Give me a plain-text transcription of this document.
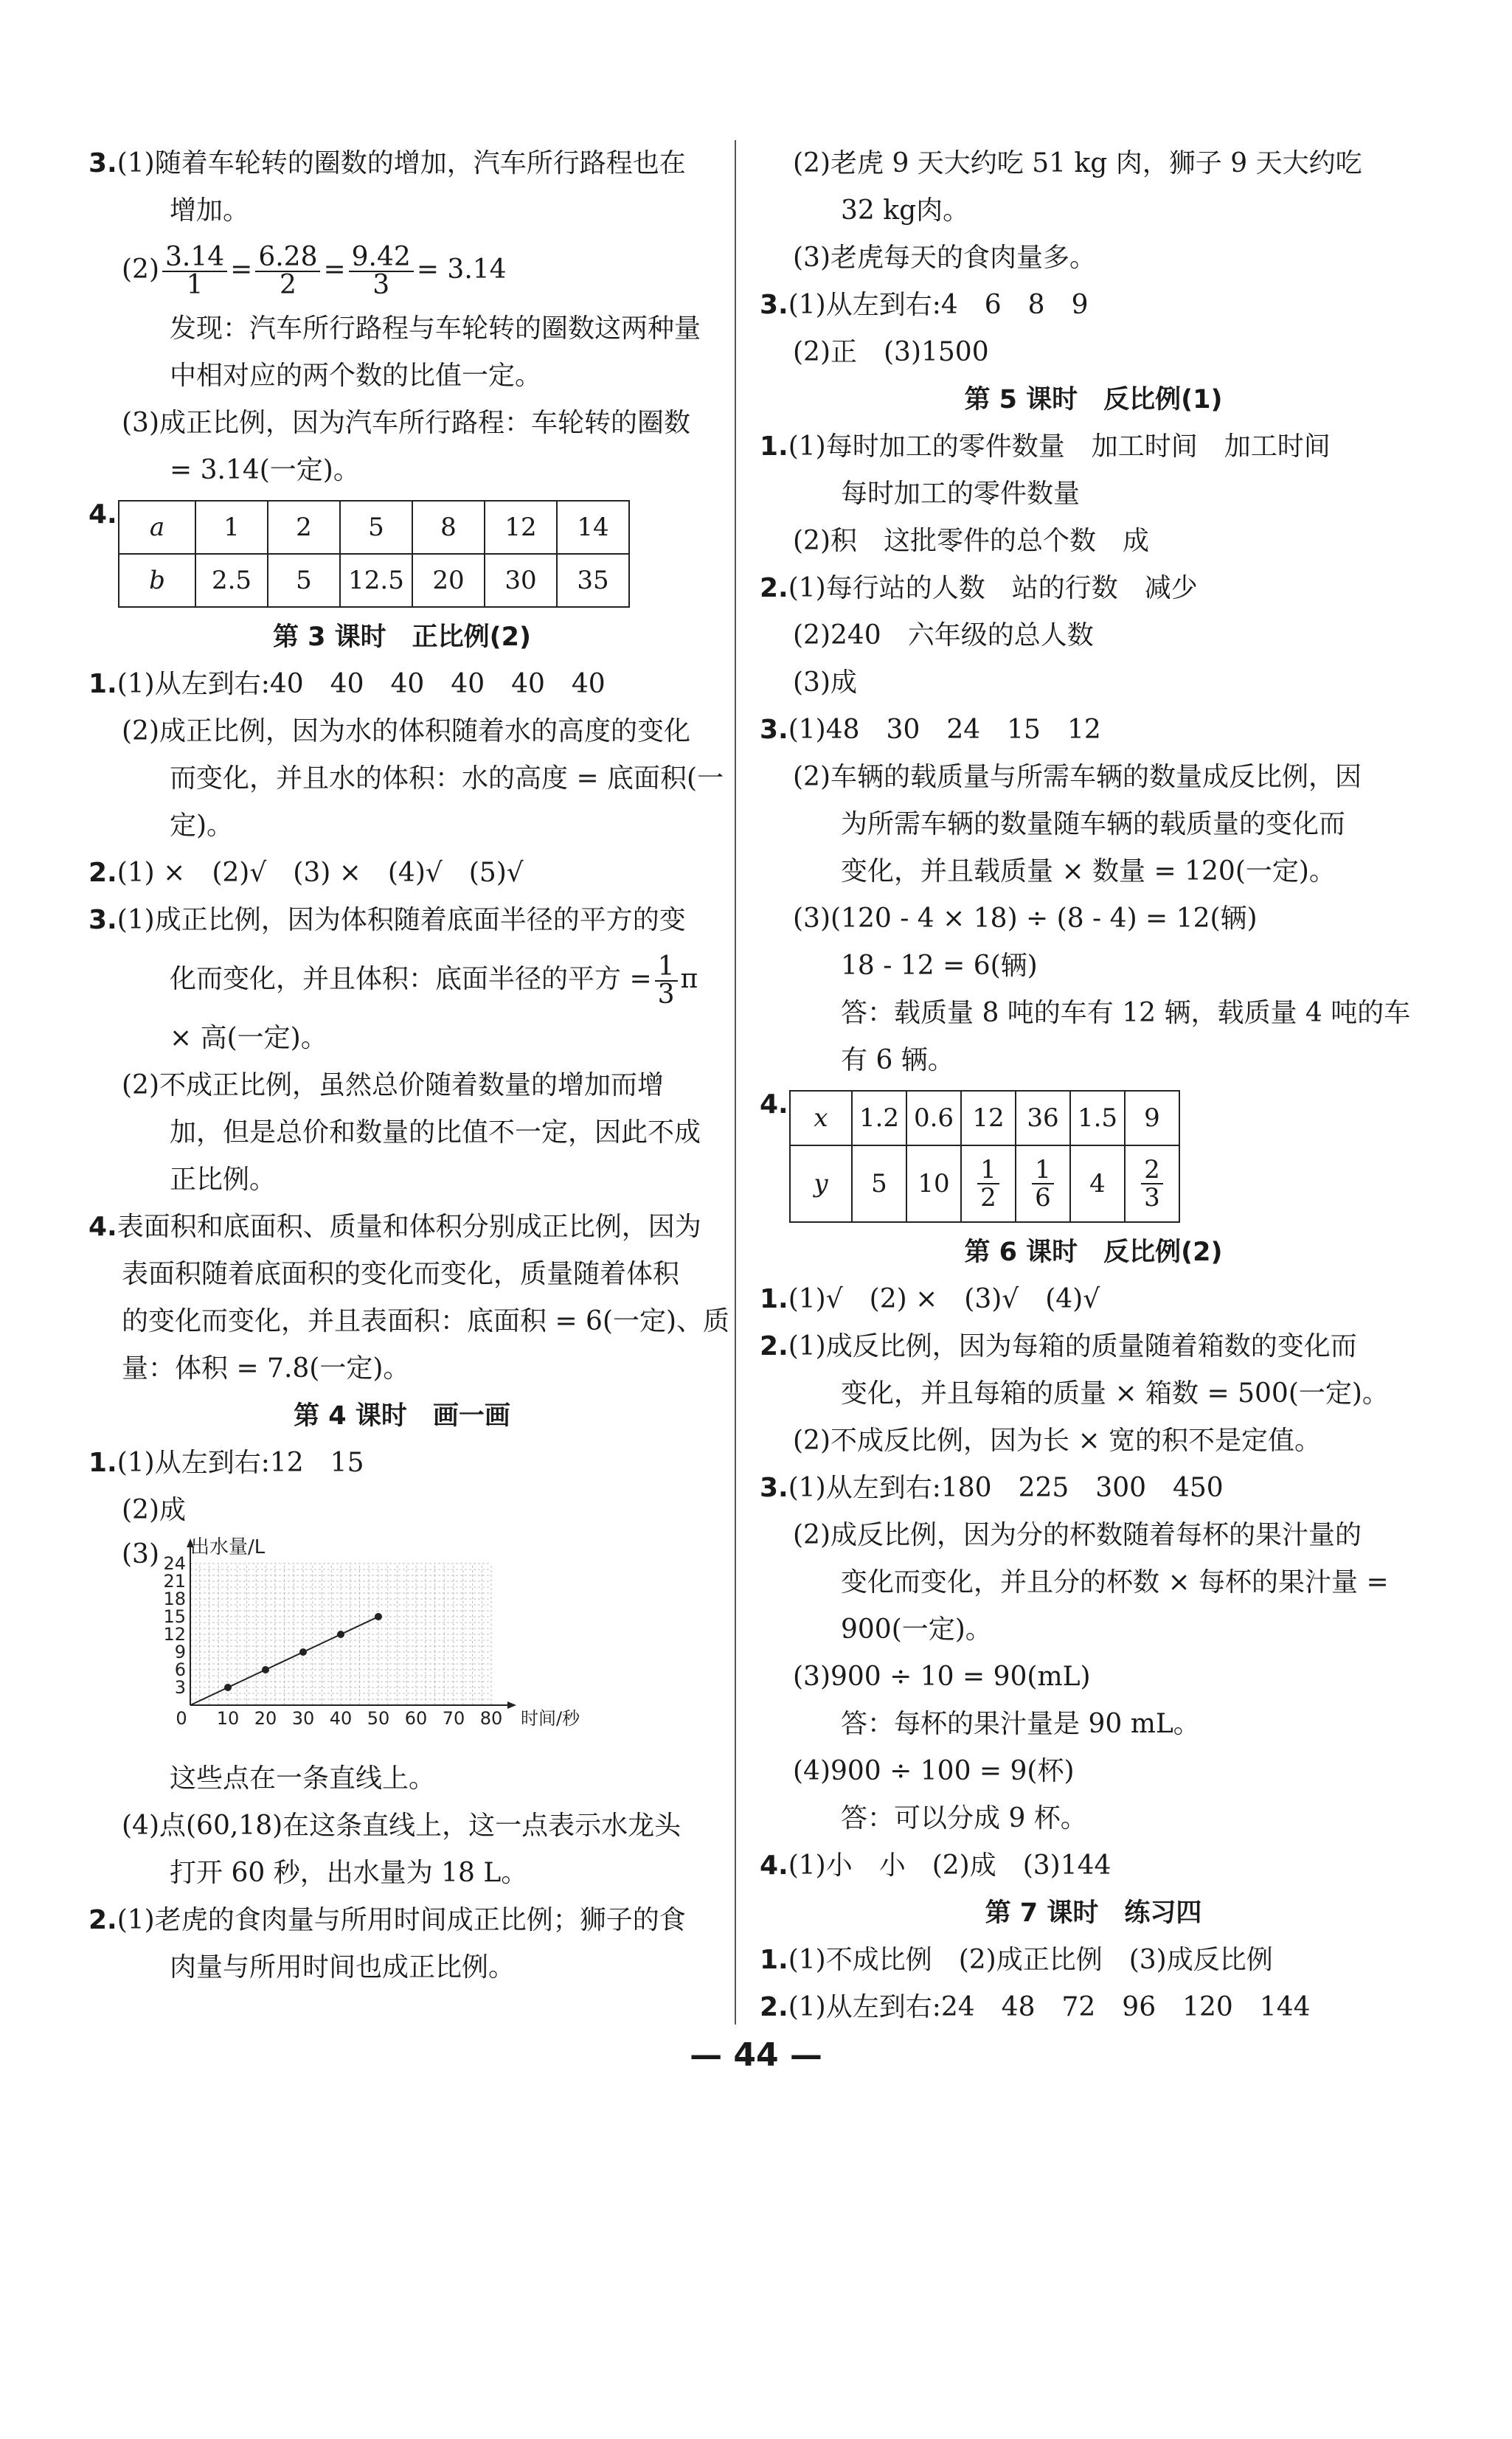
3.(1)随着车轮转的圈数的增加，汽车所行路程也在

增加。

$(2) \frac{3.14}{1} = \frac{6.28}{2} = \frac{9.42}{3} = 3.14$

发现：汽车所行路程与车轮转的圈数这两种量

中相对应的两个数的比值一定。

(3)成正比例，因为汽车所行路程：车轮转的圈数

= 3.14(一定)。

4. a	1	2	5	8	12	14
b	2.5	5	12.5	20	30	35

第 3 课时　正比例(2)

1.(1)从左到右:40　40　40　40　40　40

(2)成正比例，因为水的体积随着水的高度的变化

而变化，并且水的体积：水的高度 = 底面积(一

定)。

2.(1) ×　(2)√　(3) ×　(4)√　(5)√

3.(1)成正比例，因为体积随着底面半径的平方的变

化而变化，并且体积：底面半径的平方 = $\frac{1}{3}$ π

× 高(一定)。

(2)不成正比例，虽然总价随着数量的增加而增

加，但是总价和数量的比值不一定，因此不成

正比例。

4.表面积和底面积、质量和体积分别成正比例，因为

表面积随着底面积的变化而变化，质量随着体积

的变化而变化，并且表面积：底面积 = 6(一定)、质

量：体积 = 7.8(一定)。

第 4 课时　画一画

1.(1)从左到右:12　15

(2)成

(3)
10 20 30 40 50 60 70 80
3
6
9
12
15
18
21
24
出水量/L
时间/秒
0

这些点在一条直线上。

(4)点(60,18)在这条直线上，这一点表示水龙头

打开 60 秒，出水量为 18 L。

2.(1)老虎的食肉量与所用时间成正比例；狮子的食

肉量与所用时间也成正比例。

(2)老虎 9 天大约吃 51 kg 肉，狮子 9 天大约吃

32 kg肉。

(3)老虎每天的食肉量多。

3.(1)从左到右:4　6　8　9

(2)正　(3)1500

第 5 课时　反比例(1)

1.(1)每时加工的零件数量　加工时间　加工时间

每时加工的零件数量

(2)积　这批零件的总个数　成

2.(1)每行站的人数　站的行数　减少

(2)240　六年级的总人数

(3)成

3.(1)48　30　24　15　12

(2)车辆的载质量与所需车辆的数量成反比例，因

为所需车辆的数量随车辆的载质量的变化而

变化，并且载质量 × 数量 = 120(一定)。

(3)(120 - 4 × 18) ÷ (8 - 4) = 12(辆)

18 - 12 = 6(辆)

答：载质量 8 吨的车有 12 辆，载质量 4 吨的车

有 6 辆。

4. x	1.2	0.6	12	36	1.5	9
y	5	10	$\frac{1}{2}$	$\frac{1}{6}$	4	$\frac{2}{3}$

第 6 课时　反比例(2)

1.(1)√　(2) ×　(3)√　(4)√

2.(1)成反比例，因为每箱的质量随着箱数的变化而

变化，并且每箱的质量 × 箱数 = 500(一定)。

(2)不成反比例，因为长 × 宽的积不是定值。

3.(1)从左到右:180　225　300　450

(2)成反比例，因为分的杯数随着每杯的果汁量的

变化而变化，并且分的杯数 × 每杯的果汁量 =

900(一定)。

(3)900 ÷ 10 = 90(mL)

答：每杯的果汁量是 90 mL。

(4)900 ÷ 100 = 9(杯)

答：可以分成 9 杯。

4.(1)小　小　(2)成　(3)144

第 7 课时　练习四

1.(1)不成比例　(2)成正比例　(3)成反比例

2.(1)从左到右:24　48　72　96　120　144

— 44 —
